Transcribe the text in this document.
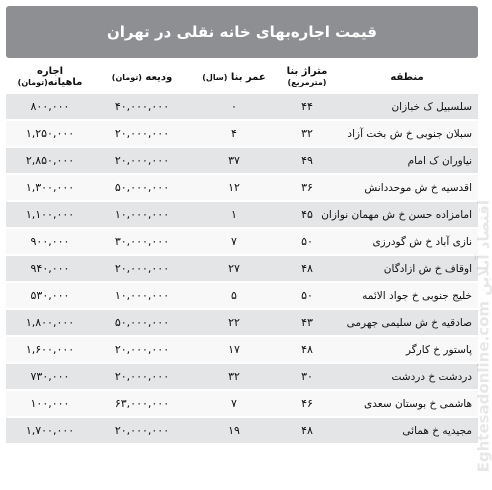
قیمت اجاره‌بهای خانه نقلی در تهران
منطقه	متراژ بنا (مترمربع)	عمر بنا (سال)	ودیعه (تومان)	اجاره ماهیانه(تومان)
سلسبیل ک خبازان	۴۴	۰	۴۰,۰۰۰,۰۰۰	۸۰۰,۰۰۰
سبلان جنوبی خ ش بخت آزاد	۳۲	۴	۲۰,۰۰۰,۰۰۰	۱,۲۵۰,۰۰۰
نیاوران ک امام	۴۹	۳۷	۲۰,۰۰۰,۰۰۰	۲,۸۵۰,۰۰۰
اقدسیه خ ش موحددانش	۳۶	۱۲	۵۰,۰۰۰,۰۰۰	۱,۳۰۰,۰۰۰
امامزاده حسن خ ش مهمان نوازان	۴۵	۱	۱۰,۰۰۰,۰۰۰	۱,۱۰۰,۰۰۰
نازی آباد خ ش گودرزی	۵۰	۷	۳۰,۰۰۰,۰۰۰	۹۰۰,۰۰۰
اوقاف خ ش ازادگان	۴۸	۲۷	۲۰,۰۰۰,۰۰۰	۹۴۰,۰۰۰
خلیج جنوبی خ جواد الائمه	۵۰	۵	۱۰,۰۰۰,۰۰۰	۵۳۰,۰۰۰
صادقیه خ ش سلیمی جهرمی	۴۳	۲۲	۵۰,۰۰۰,۰۰۰	۱,۸۰۰,۰۰۰
پاستور خ کارگر	۴۸	۱۷	۲۰,۰۰۰,۰۰۰	۱,۶۰۰,۰۰۰
دردشت خ دردشت	۳۰	۳۲	۲۰,۰۰۰,۰۰۰	۷۳۰,۰۰۰
هاشمی خ بوستان سعدی	۴۶	۷	۶۳,۰۰۰,۰۰۰	۱۰۰,۰۰۰
مجیدیه خ همائی	۴۸	۱۹	۲۰,۰۰۰,۰۰۰	۱,۷۰۰,۰۰۰	Eghtesadonline.com اقتصاد آنلاین
